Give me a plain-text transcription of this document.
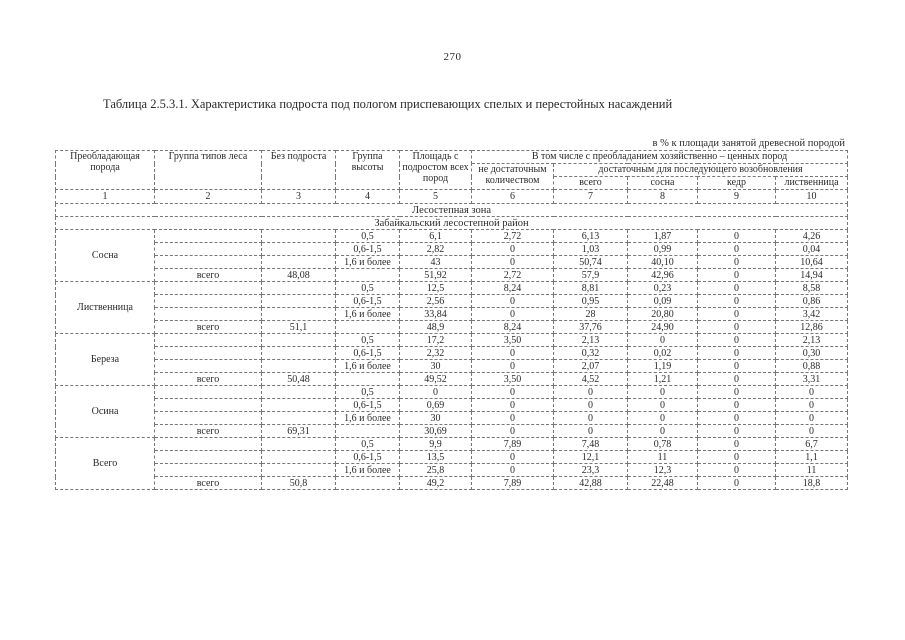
270
Таблица 2.5.3.1. Характеристика подроста под пологом приспевающих спелых и перестойных насаждений
в % к площади занятой древесной породой
Преобладающая порода	Группа типов леса	Без подроста	Группа высоты	Площадь с подростом всех пород	В том числе с преобладанием хозяйственно – ценных пород				
					не достаточным количеством	достаточным для последующего возобновления			
						всего	сосна	кедр	лиственница
1	2	3	4	5	6	7	8	9	10
Лесостепная зона									
Забайкальский лесостепной район									
Сосна			0,5	6,1	2,72	6,13	1,87	0	4,26
			0,6-1,5	2,82	0	1,03	0,99	0	0,04
			1,6 и более	43	0	50,74	40,10	0	10,64
	всего	48,08		51,92	2,72	57,9	42,96	0	14,94
Лиственница			0,5	12,5	8,24	8,81	0,23	0	8,58
			0,6-1,5	2,56	0	0,95	0,09	0	0,86
			1,6 и более	33,84	0	28	20,80	0	3,42
	всего	51,1		48,9	8,24	37,76	24,90	0	12,86
Береза			0,5	17,2	3,50	2,13	0	0	2,13
			0,6-1,5	2,32	0	0,32	0,02	0	0,30
			1,6 и более	30	0	2,07	1,19	0	0,88
	всего	50,48		49,52	3,50	4,52	1,21	0	3,31
Осина			0,5	0	0	0	0	0	0
			0,6-1,5	0,69	0	0	0	0	0
			1,6 и более	30	0	0	0	0	0
	всего	69,31		30,69	0	0	0	0	0
Всего			0,5	9,9	7,89	7,48	0,78	0	6,7
			0,6-1,5	13,5	0	12,1	11	0	1,1
			1,6 и более	25,8	0	23,3	12,3	0	11
	всего	50,8		49,2	7,89	42,88	22,48	0	18,8
